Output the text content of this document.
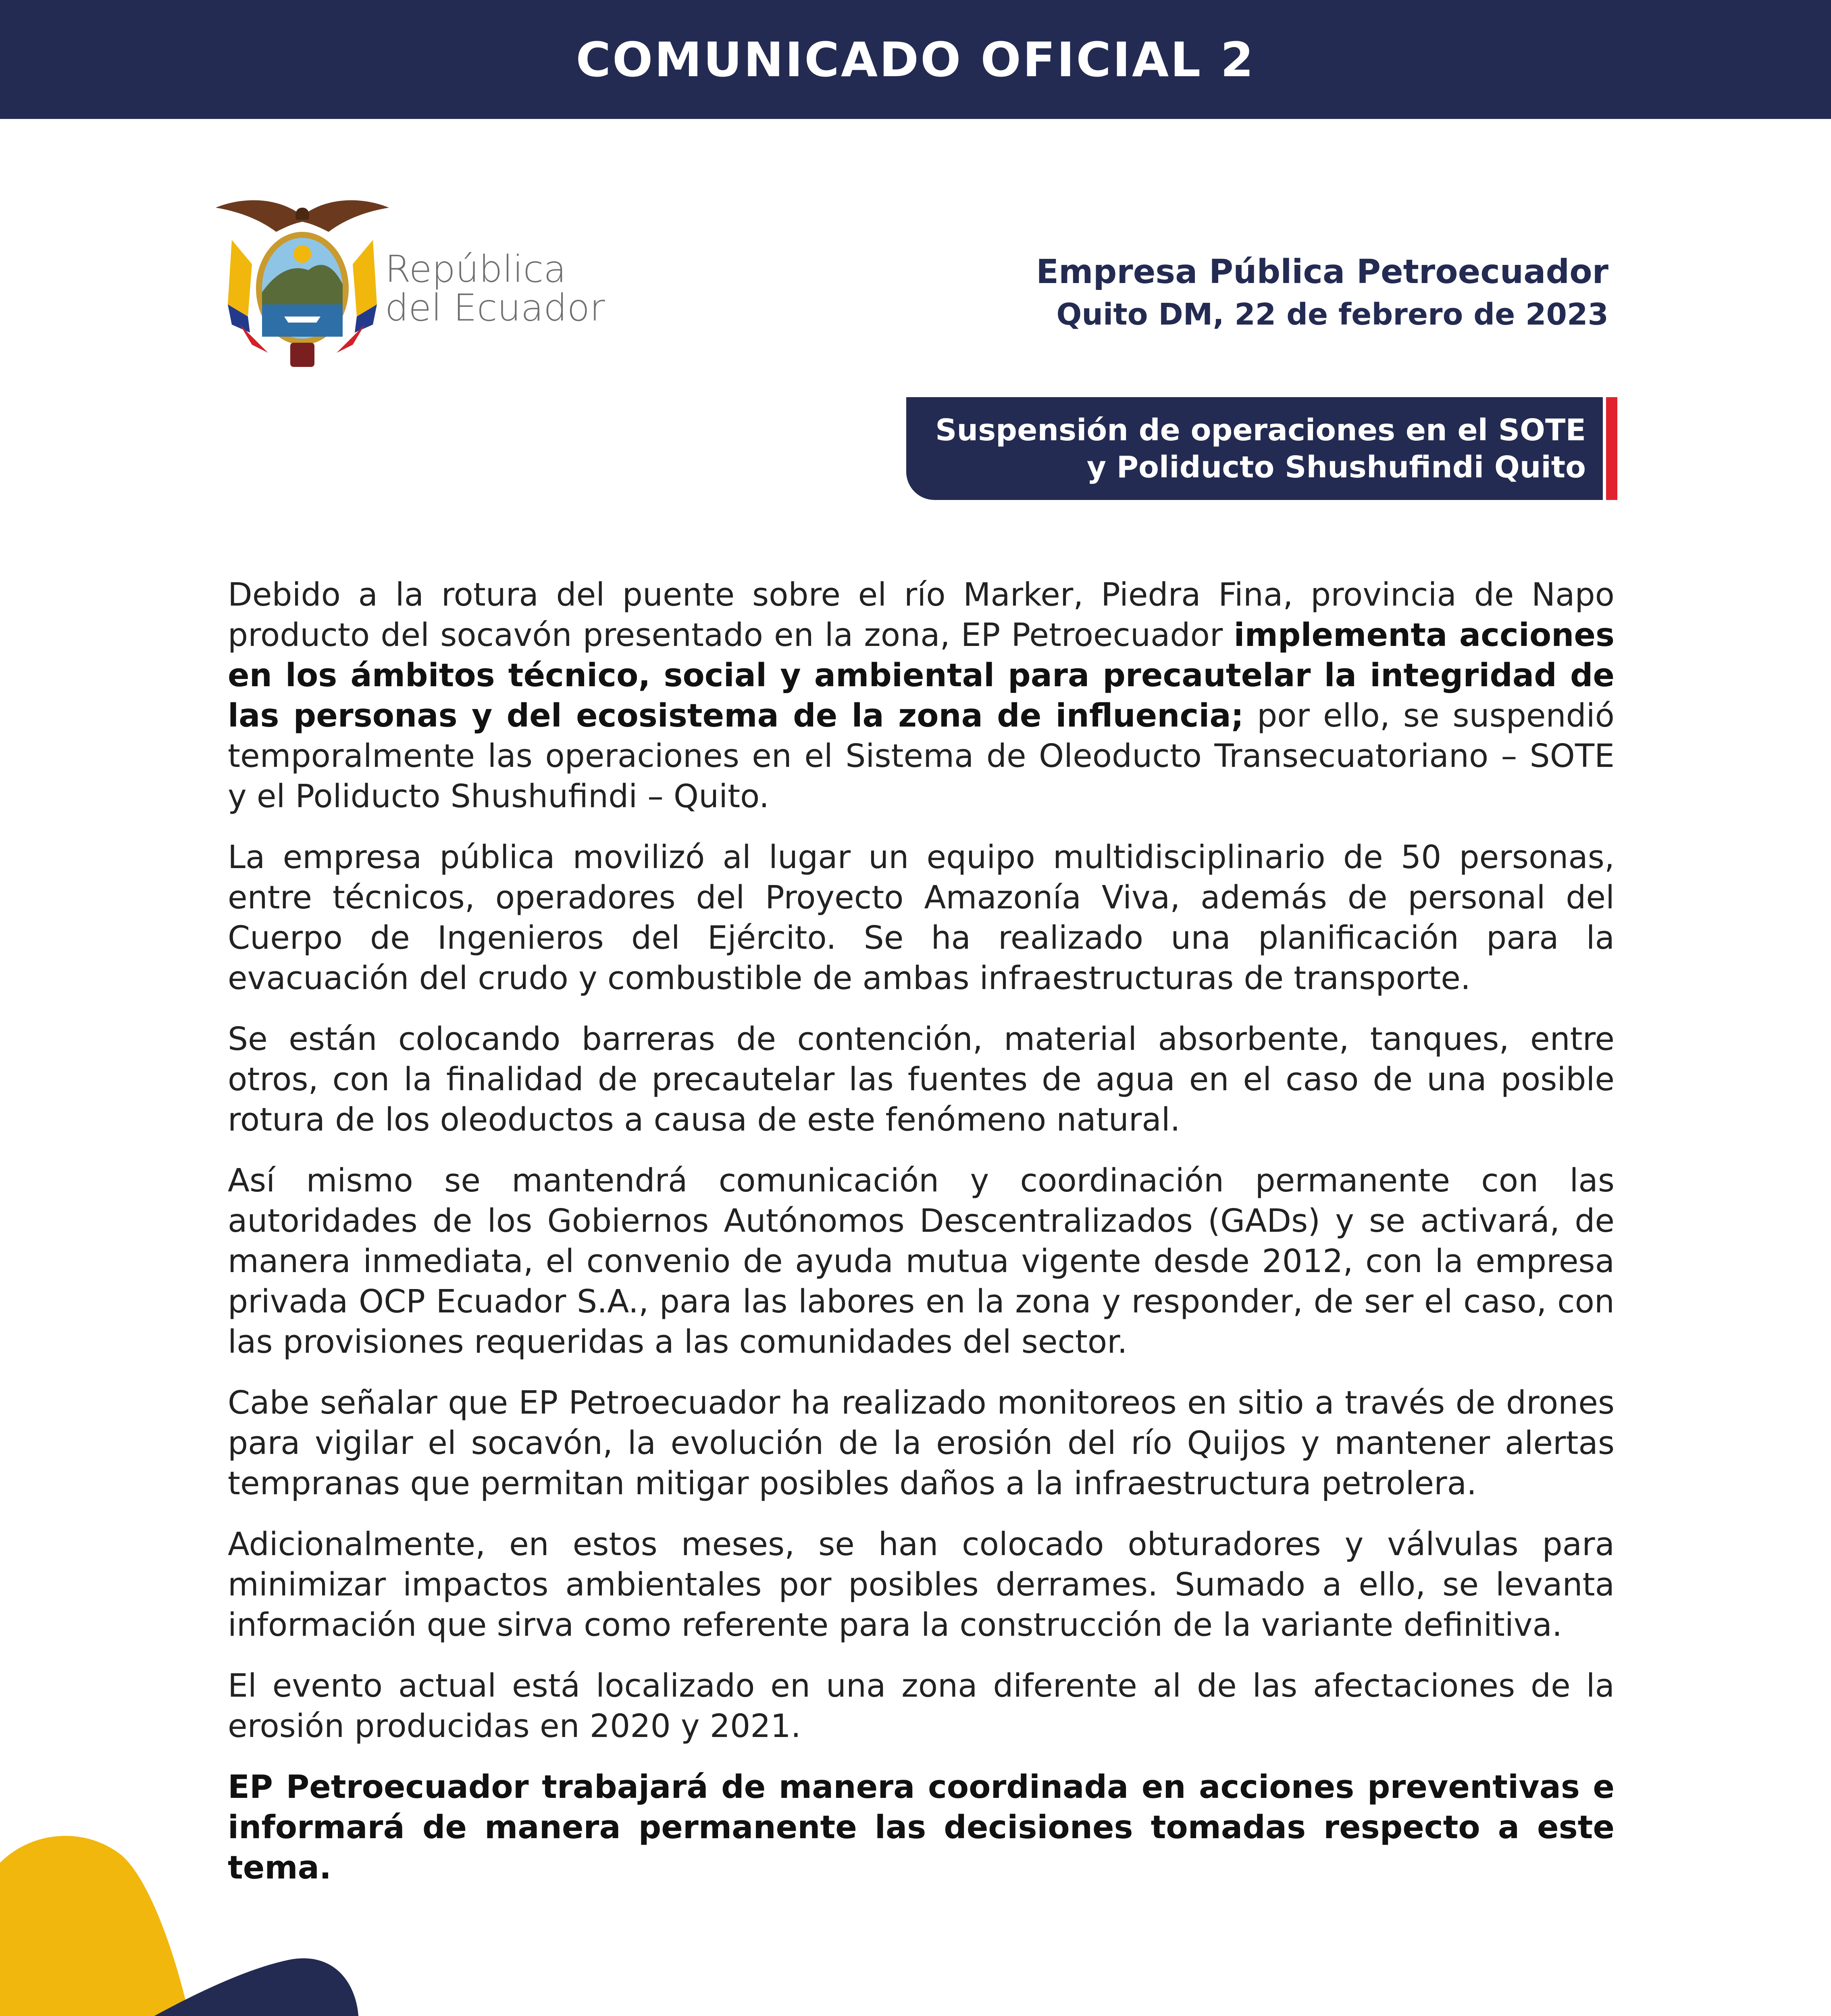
COMUNICADO OFICIAL 2
República
del Ecuador
Empresa Pública Petroecuador
Quito DM, 22 de febrero de 2023
Suspensión de operaciones en el SOTE
y Poliducto Shushufindi Quito

Debido a la rotura del puente sobre el río Marker, Piedra Fina, provincia de Napo producto del socavón presentado en la zona, EP Petroecuador implementa acciones en los ámbitos técnico, social y ambiental para precautelar la integridad de las personas y del ecosistema de la zona de influencia; por ello, se suspendió temporalmente las operaciones en el Sistema de Oleoducto Transecuatoriano – SOTE y el Poliducto Shushufindi – Quito.

La empresa pública movilizó al lugar un equipo multidisciplinario de 50 personas, entre técnicos, operadores del Proyecto Amazonía Viva, además de personal del Cuerpo de Ingenieros del Ejército. Se ha realizado una planificación para la evacuación del crudo y combustible de ambas infraestructuras de transporte.

Se están colocando barreras de contención, material absorbente, tanques, entre otros, con la finalidad de precautelar las fuentes de agua en el caso de una posible rotura de los oleoductos a causa de este fenómeno natural.

Así mismo se mantendrá comunicación y coordinación permanente con las autoridades de los Gobiernos Autónomos Descentralizados (GADs) y se activará, de manera inmediata, el convenio de ayuda mutua vigente desde 2012, con la empresa privada OCP Ecuador S.A., para las labores en la zona y responder, de ser el caso, con las provisiones requeridas a las comunidades del sector.

Cabe señalar que EP Petroecuador ha realizado monitoreos en sitio a través de drones para vigilar el socavón, la evolución de la erosión del río Quijos y mantener alertas tempranas que permitan mitigar posibles daños a la infraestructura petrolera.

Adicionalmente, en estos meses, se han colocado obturadores y válvulas para minimizar impactos ambientales por posibles derrames. Sumado a ello, se levanta información que sirva como referente para la construcción de la variante definitiva.

El evento actual está localizado en una zona diferente al de las afectaciones de la erosión producidas en 2020 y 2021.

EP Petroecuador trabajará de manera coordinada en acciones preventivas e informará de manera permanente las decisiones tomadas respecto a este tema.
